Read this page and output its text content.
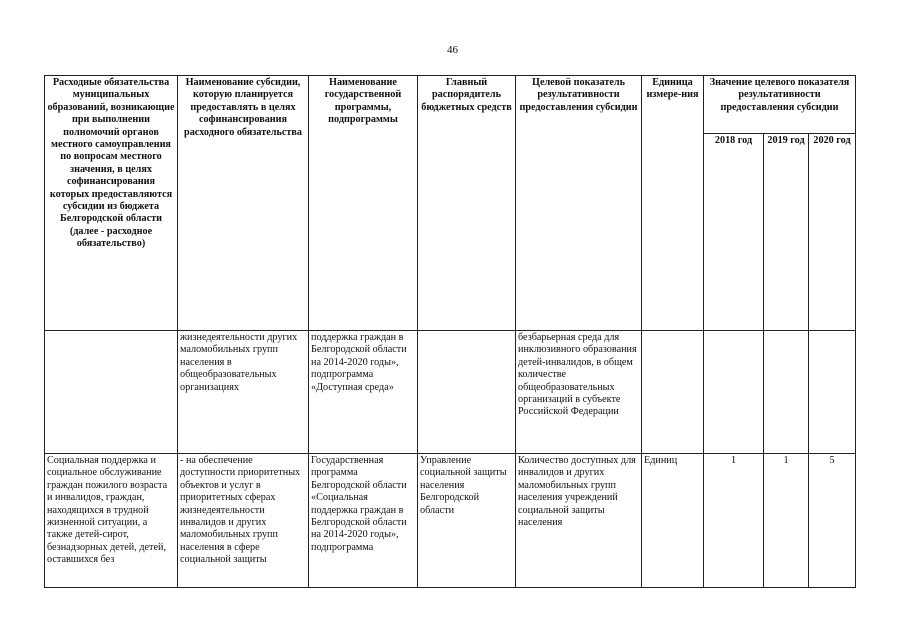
46
Расходные обязательства муниципальных образований, возникающие при выполнении полномочий органов местного самоуправления по вопросам местного значения, в целях софинансирования которых предоставляются субсидии из бюджета Белгородской области (далее - расходное обязательство)	Наименование субсидии, которую планируется предоставлять в целях софинансирования расходного обязательства	Наименование государственной программы, подпрограммы	Главный распорядитель бюджетных средств	Целевой показатель результативности предоставления субсидии	Единица измере-ния	Значение целевого показателя результативности предоставления субсидии		
						2018 год	2019 год	2020 год
	жизнедеятельности других маломобильных групп населения в общеобразовательных организациях	поддержка граждан в Белгородской области на 2014-2020 годы», подпрограмма «Доступная среда»		безбарьерная среда для инклюзивного образования детей-инвалидов, в общем количестве общеобразовательных организаций в субъекте Российской Федерации				
Социальная поддержка и социальное обслуживание граждан пожилого возраста и инвалидов, граждан, находящихся в трудной жизненной ситуации, а также детей-сирот, безнадзорных детей, детей, оставшихся без	- на обеспечение доступности приоритетных объектов и услуг в приоритетных сферах жизнедеятельности инвалидов и других маломобильных групп населения в сфере социальной защиты	Государственная программа Белгородской области «Социальная поддержка граждан в Белгородской области на 2014-2020 годы», подпрограмма	Управление социальной защиты населения Белгородской области	Количество доступных для инвалидов и других маломобильных групп населения учреждений социальной защиты населения	Единиц	1	1	5
